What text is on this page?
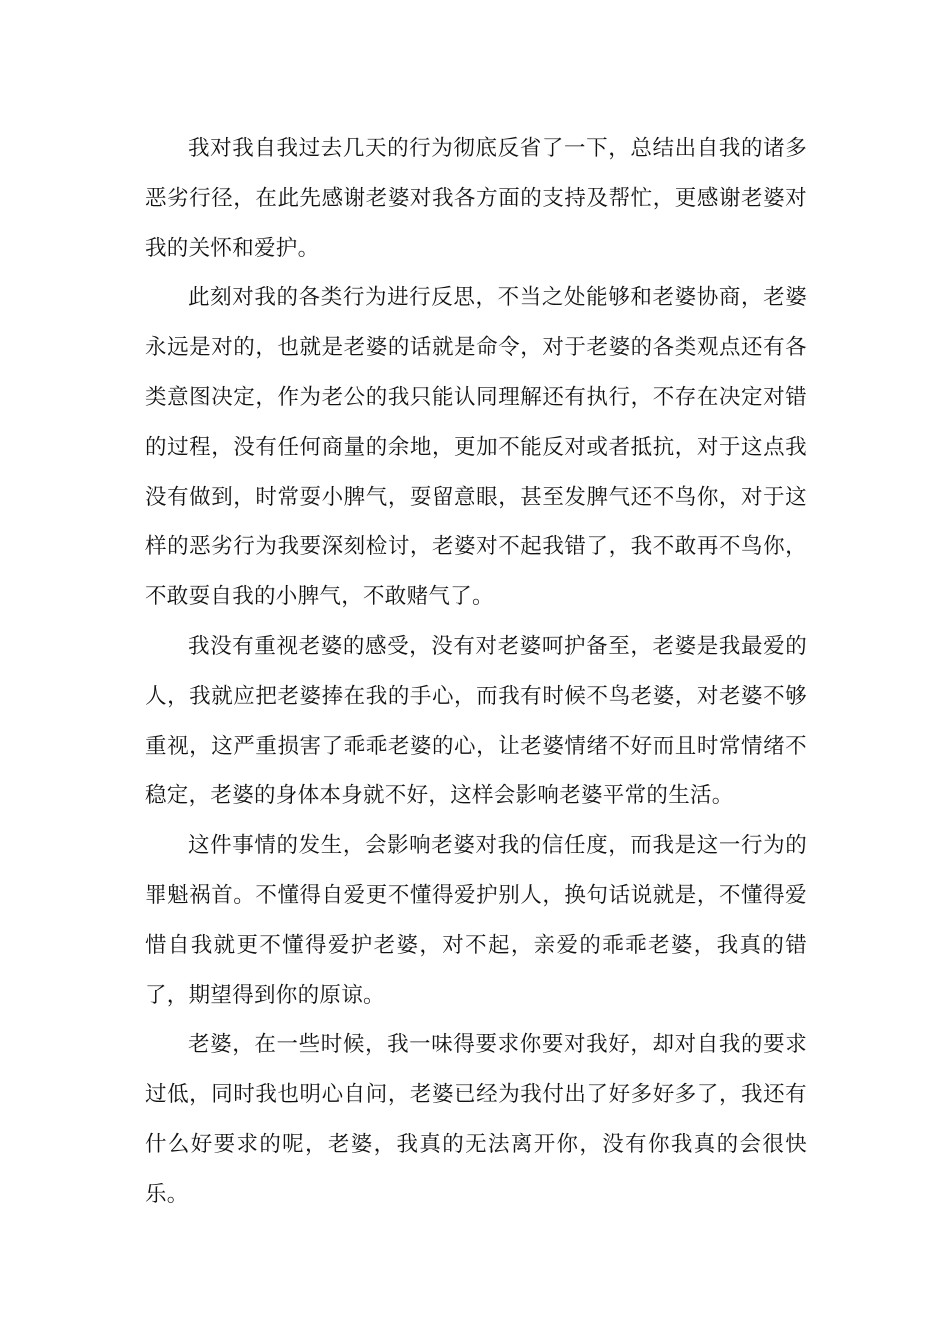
我对我自我过去几天的行为彻底反省了一下，总结出自我的诸多恶劣行径，在此先感谢老婆对我各方面的支持及帮忙，更感谢老婆对我的关怀和爱护。

此刻对我的各类行为进行反思，不当之处能够和老婆协商，老婆永远是对的，也就是老婆的话就是命令，对于老婆的各类观点还有各类意图决定，作为老公的我只能认同理解还有执行，不存在决定对错的过程，没有任何商量的余地，更加不能反对或者抵抗，对于这点我没有做到，时常耍小脾气，耍留意眼，甚至发脾气还不鸟你，对于这样的恶劣行为我要深刻检讨，老婆对不起我错了，我不敢再不鸟你，不敢耍自我的小脾气，不敢赌气了。

我没有重视老婆的感受，没有对老婆呵护备至，老婆是我最爱的人，我就应把老婆捧在我的手心，而我有时候不鸟老婆，对老婆不够重视，这严重损害了乖乖老婆的心，让老婆情绪不好而且时常情绪不稳定，老婆的身体本身就不好，这样会影响老婆平常的生活。

这件事情的发生，会影响老婆对我的信任度，而我是这一行为的罪魁祸首。不懂得自爱更不懂得爱护别人，换句话说就是，不懂得爱惜自我就更不懂得爱护老婆，对不起，亲爱的乖乖老婆，我真的错了，期望得到你的原谅。

老婆，在一些时候，我一味得要求你要对我好，却对自我的要求过低，同时我也明心自问，老婆已经为我付出了好多好多了，我还有什么好要求的呢，老婆，我真的无法离开你，没有你我真的会很快乐。
